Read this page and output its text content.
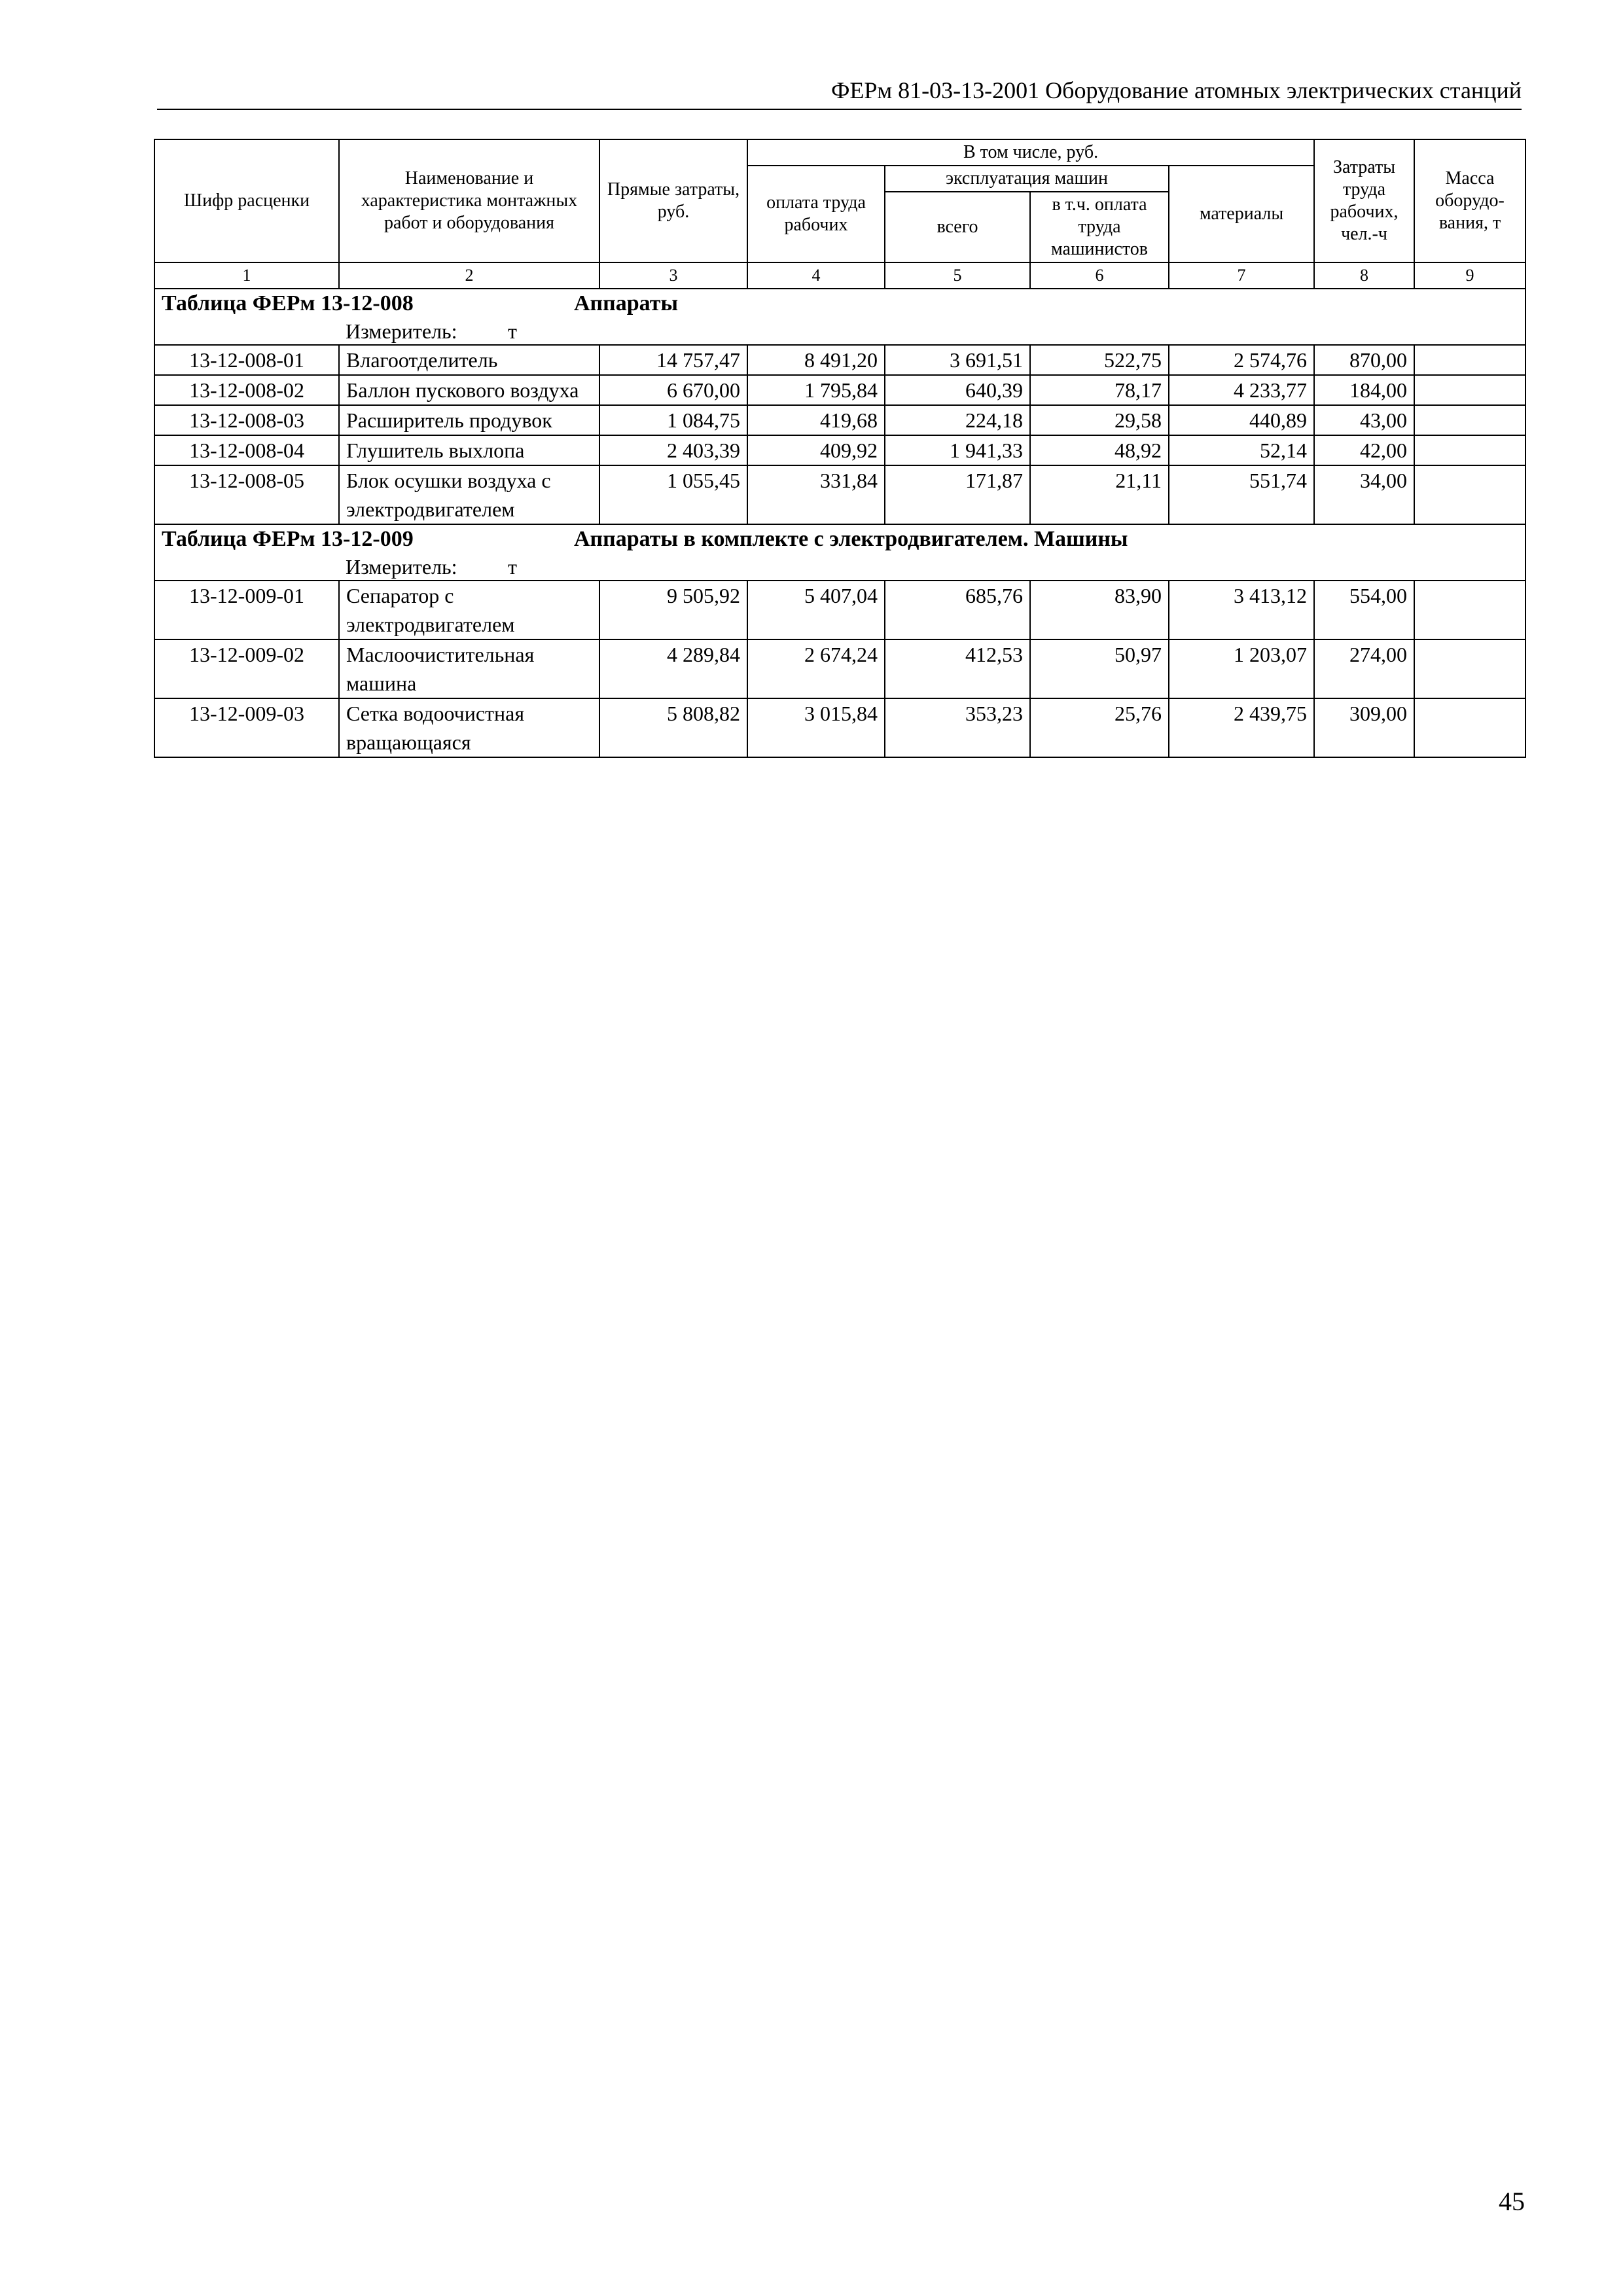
ФЕРм 81-03-13-2001 Оборудование атомных электрических станций
Шифр расценки	Наименование и характеристика монтажных работ и оборудования	Прямые затраты, руб.	В том числе, руб.				Затраты труда рабочих, чел.-ч	Масса оборудо-вания, т
			оплата труда рабочих	эксплуатация машин		материалы		
				всего	в т.ч. оплата труда машинистов			
1	2	3	4	5	6	7	8	9
Таблица ФЕРм 13-12-008 Аппараты								
	Измеритель: т							
13-12-008-01	Влагоотделитель	14 757,47	8 491,20	3 691,51	522,75	2 574,76	870,00	
13-12-008-02	Баллон пускового воздуха	6 670,00	1 795,84	640,39	78,17	4 233,77	184,00	
13-12-008-03	Расширитель продувок	1 084,75	419,68	224,18	29,58	440,89	43,00	
13-12-008-04	Глушитель выхлопа	2 403,39	409,92	1 941,33	48,92	52,14	42,00	
13-12-008-05	Блок осушки воздуха с электродвигателем	1 055,45	331,84	171,87	21,11	551,74	34,00	
Таблица ФЕРм 13-12-009 Аппараты в комплекте с электродвигателем. Машины								
	Измеритель: т							
13-12-009-01	Сепаратор с электродвигателем	9 505,92	5 407,04	685,76	83,90	3 413,12	554,00	
13-12-009-02	Маслоочистительная машина	4 289,84	2 674,24	412,53	50,97	1 203,07	274,00	
13-12-009-03	Сетка водоочистная вращающаяся	5 808,82	3 015,84	353,23	25,76	2 439,75	309,00	
45
